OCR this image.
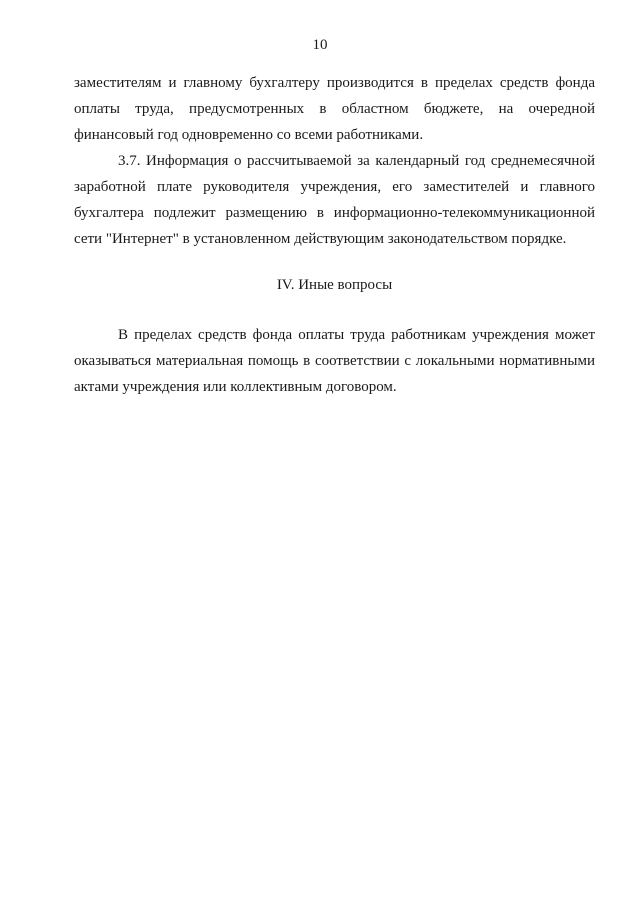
10

заместителям и главному бухгалтеру производится в пределах средств фонда оплаты труда, предусмотренных в областном бюджете, на очередной финансовый год одновременно со всеми работниками.

3.7. Информация о рассчитываемой за календарный год среднемесячной заработной плате руководителя учреждения, его заместителей и главного бухгалтера подлежит размещению в информационно-телекоммуникационной сети "Интернет" в установленном действующим законодательством порядке.

IV. Иные вопросы

В пределах средств фонда оплаты труда работникам учреждения может оказываться материальная помощь в соответствии с локальными нормативными актами учреждения или коллективным договором.
